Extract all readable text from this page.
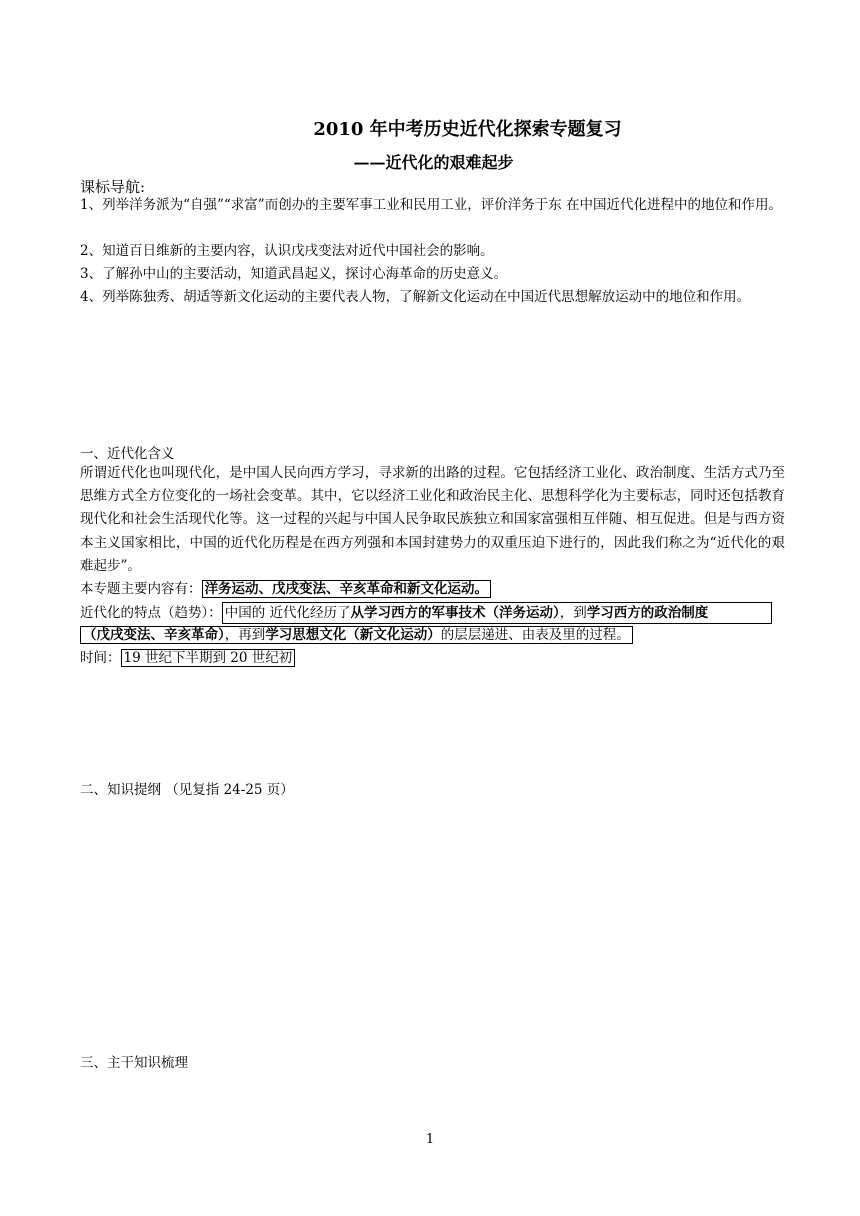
2010 年中考历史近代化探索专题复习
——近代化的艰难起步
课标导航:
1、列举洋务派为“自强”“求富”而创办的主要军事工业和民用工业，评价洋务于东 在中国近代化进程中的地位和作用。
2、知道百日维新的主要内容，认识戊戌变法对近代中国社会的影响。
3、了解孙中山的主要活动，知道武昌起义，探讨心海革命的历史意义。
4、列举陈独秀、胡适等新文化运动的主要代表人物，了解新文化运动在中国近代思想解放运动中的地位和作用。
一、近代化含义
所谓近代化也叫现代化，是中国人民向西方学习，寻求新的出路的过程。它包括经济工业化、政治制度、生活方式乃至思维方式全方位变化的一场社会变革。其中，它以经济工业化和政治民主化、思想科学化为主要标志，同时还包括教育现代化和社会生活现代化等。这一过程的兴起与中国人民争取民族独立和国家富强相互伴随、相互促进。但是与西方资本主义国家相比，中国的近代化历程是在西方列强和本国封建势力的双重压迫下进行的，因此我们称之为“近代化的艰难起步”。
本专题主要内容有： 洋务运动、戊戌变法、辛亥革命和新文化运动。
近代化的特点（趋势）： 中国的 近代化经历了从学习西方的军事技术（洋务运动），到学习西方的政治制度
（戊戌变法、辛亥革命），再到学习思想文化（新文化运动）的层层递进、由表及里的过程。
时间： 19 世纪下半期到 20 世纪初
二、知识提纲 （见复指 24-25 页）
三、主干知识梳理
1
